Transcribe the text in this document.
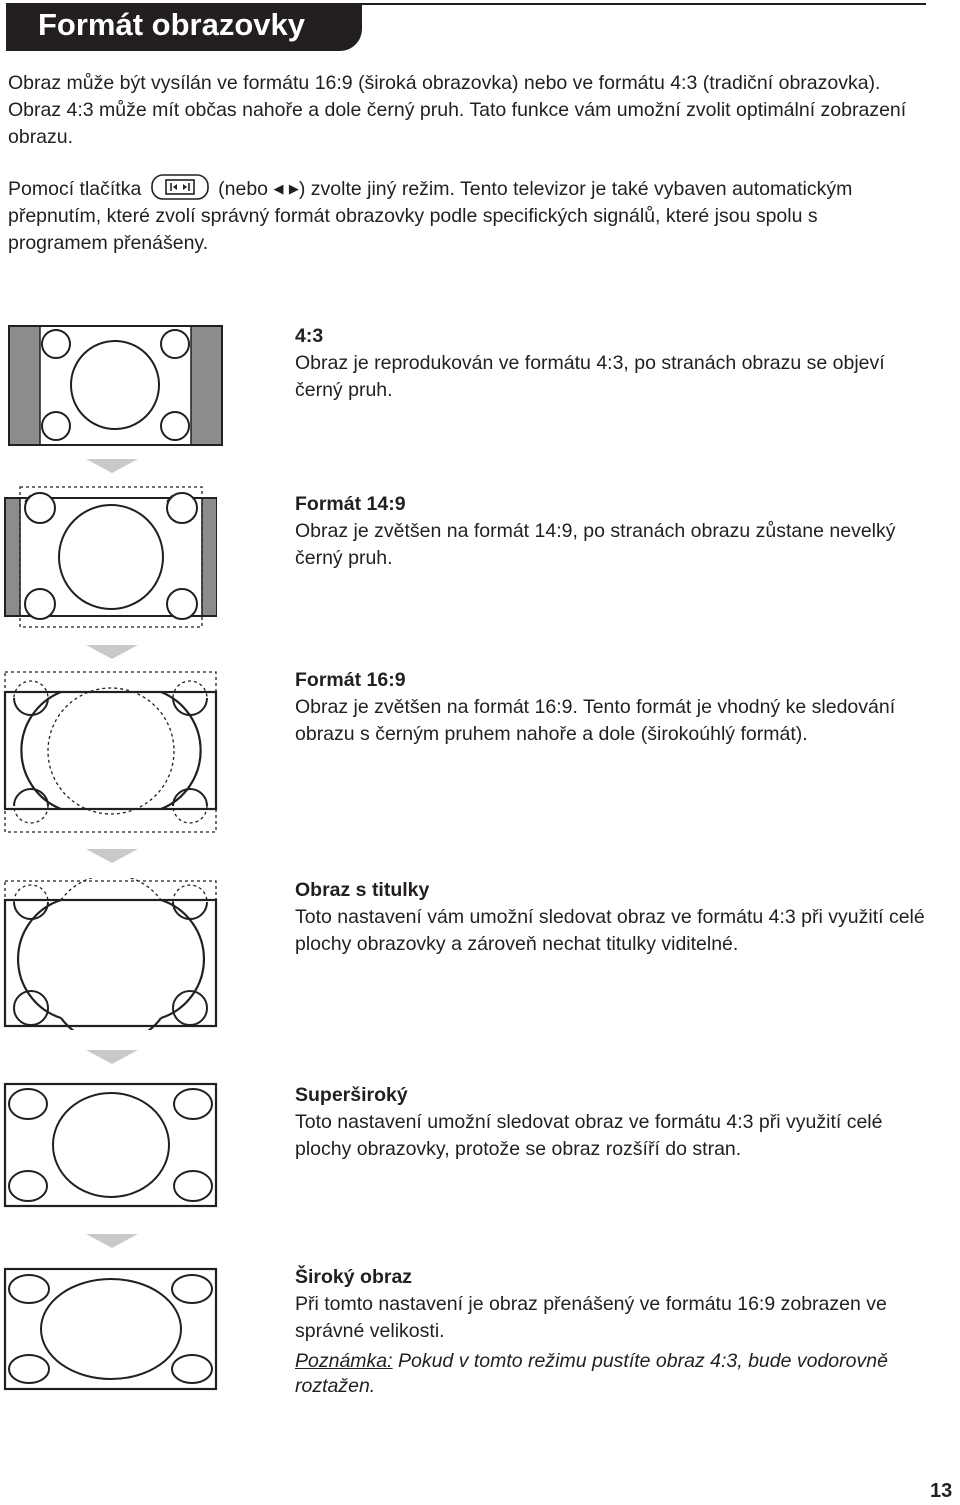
Formát obrazovky

Obraz může být vysílán ve formátu 16:9 (široká obrazovka) nebo ve formátu 4:3 (tradiční obrazovka). Obraz 4:3 může mít občas nahoře a dole černý pruh. Tato funkce vám umožní zvolit optimální zobrazení obrazu.

Pomocí tlačítka	(nebo ◀ ▶) zvolte jiný režim. Tento televizor je také vybaven automatickým přepnutím, které zvolí správný formát obrazovky podle specifických signálů, které jsou spolu s programem přenášeny.

4:3
Obraz je reprodukován ve formátu 4:3, po stranách obrazu se objeví černý pruh.
Formát 14:9
Obraz je zvětšen na formát 14:9, po stranách obrazu zůstane nevelký černý pruh.
Formát 16:9
Obraz je zvětšen na formát 16:9. Tento formát je vhodný ke sledování obrazu s černým pruhem nahoře a dole (širokoúhlý formát).
Obraz s titulky
Toto nastavení vám umožní sledovat obraz ve formátu 4:3 při využití celé plochy obrazovky a zároveň nechat titulky viditelné.
Superširoký
Toto nastavení umožní sledovat obraz ve formátu 4:3 při využití celé plochy obrazovky, protože se obraz rozšíří do stran.
Široký obraz
Při tomto nastavení je obraz přenášený ve formátu 16:9 zobrazen ve správné velikosti.
Poznámka: Pokud v tomto režimu pustíte obraz 4:3, bude vodorovně roztažen.
13
